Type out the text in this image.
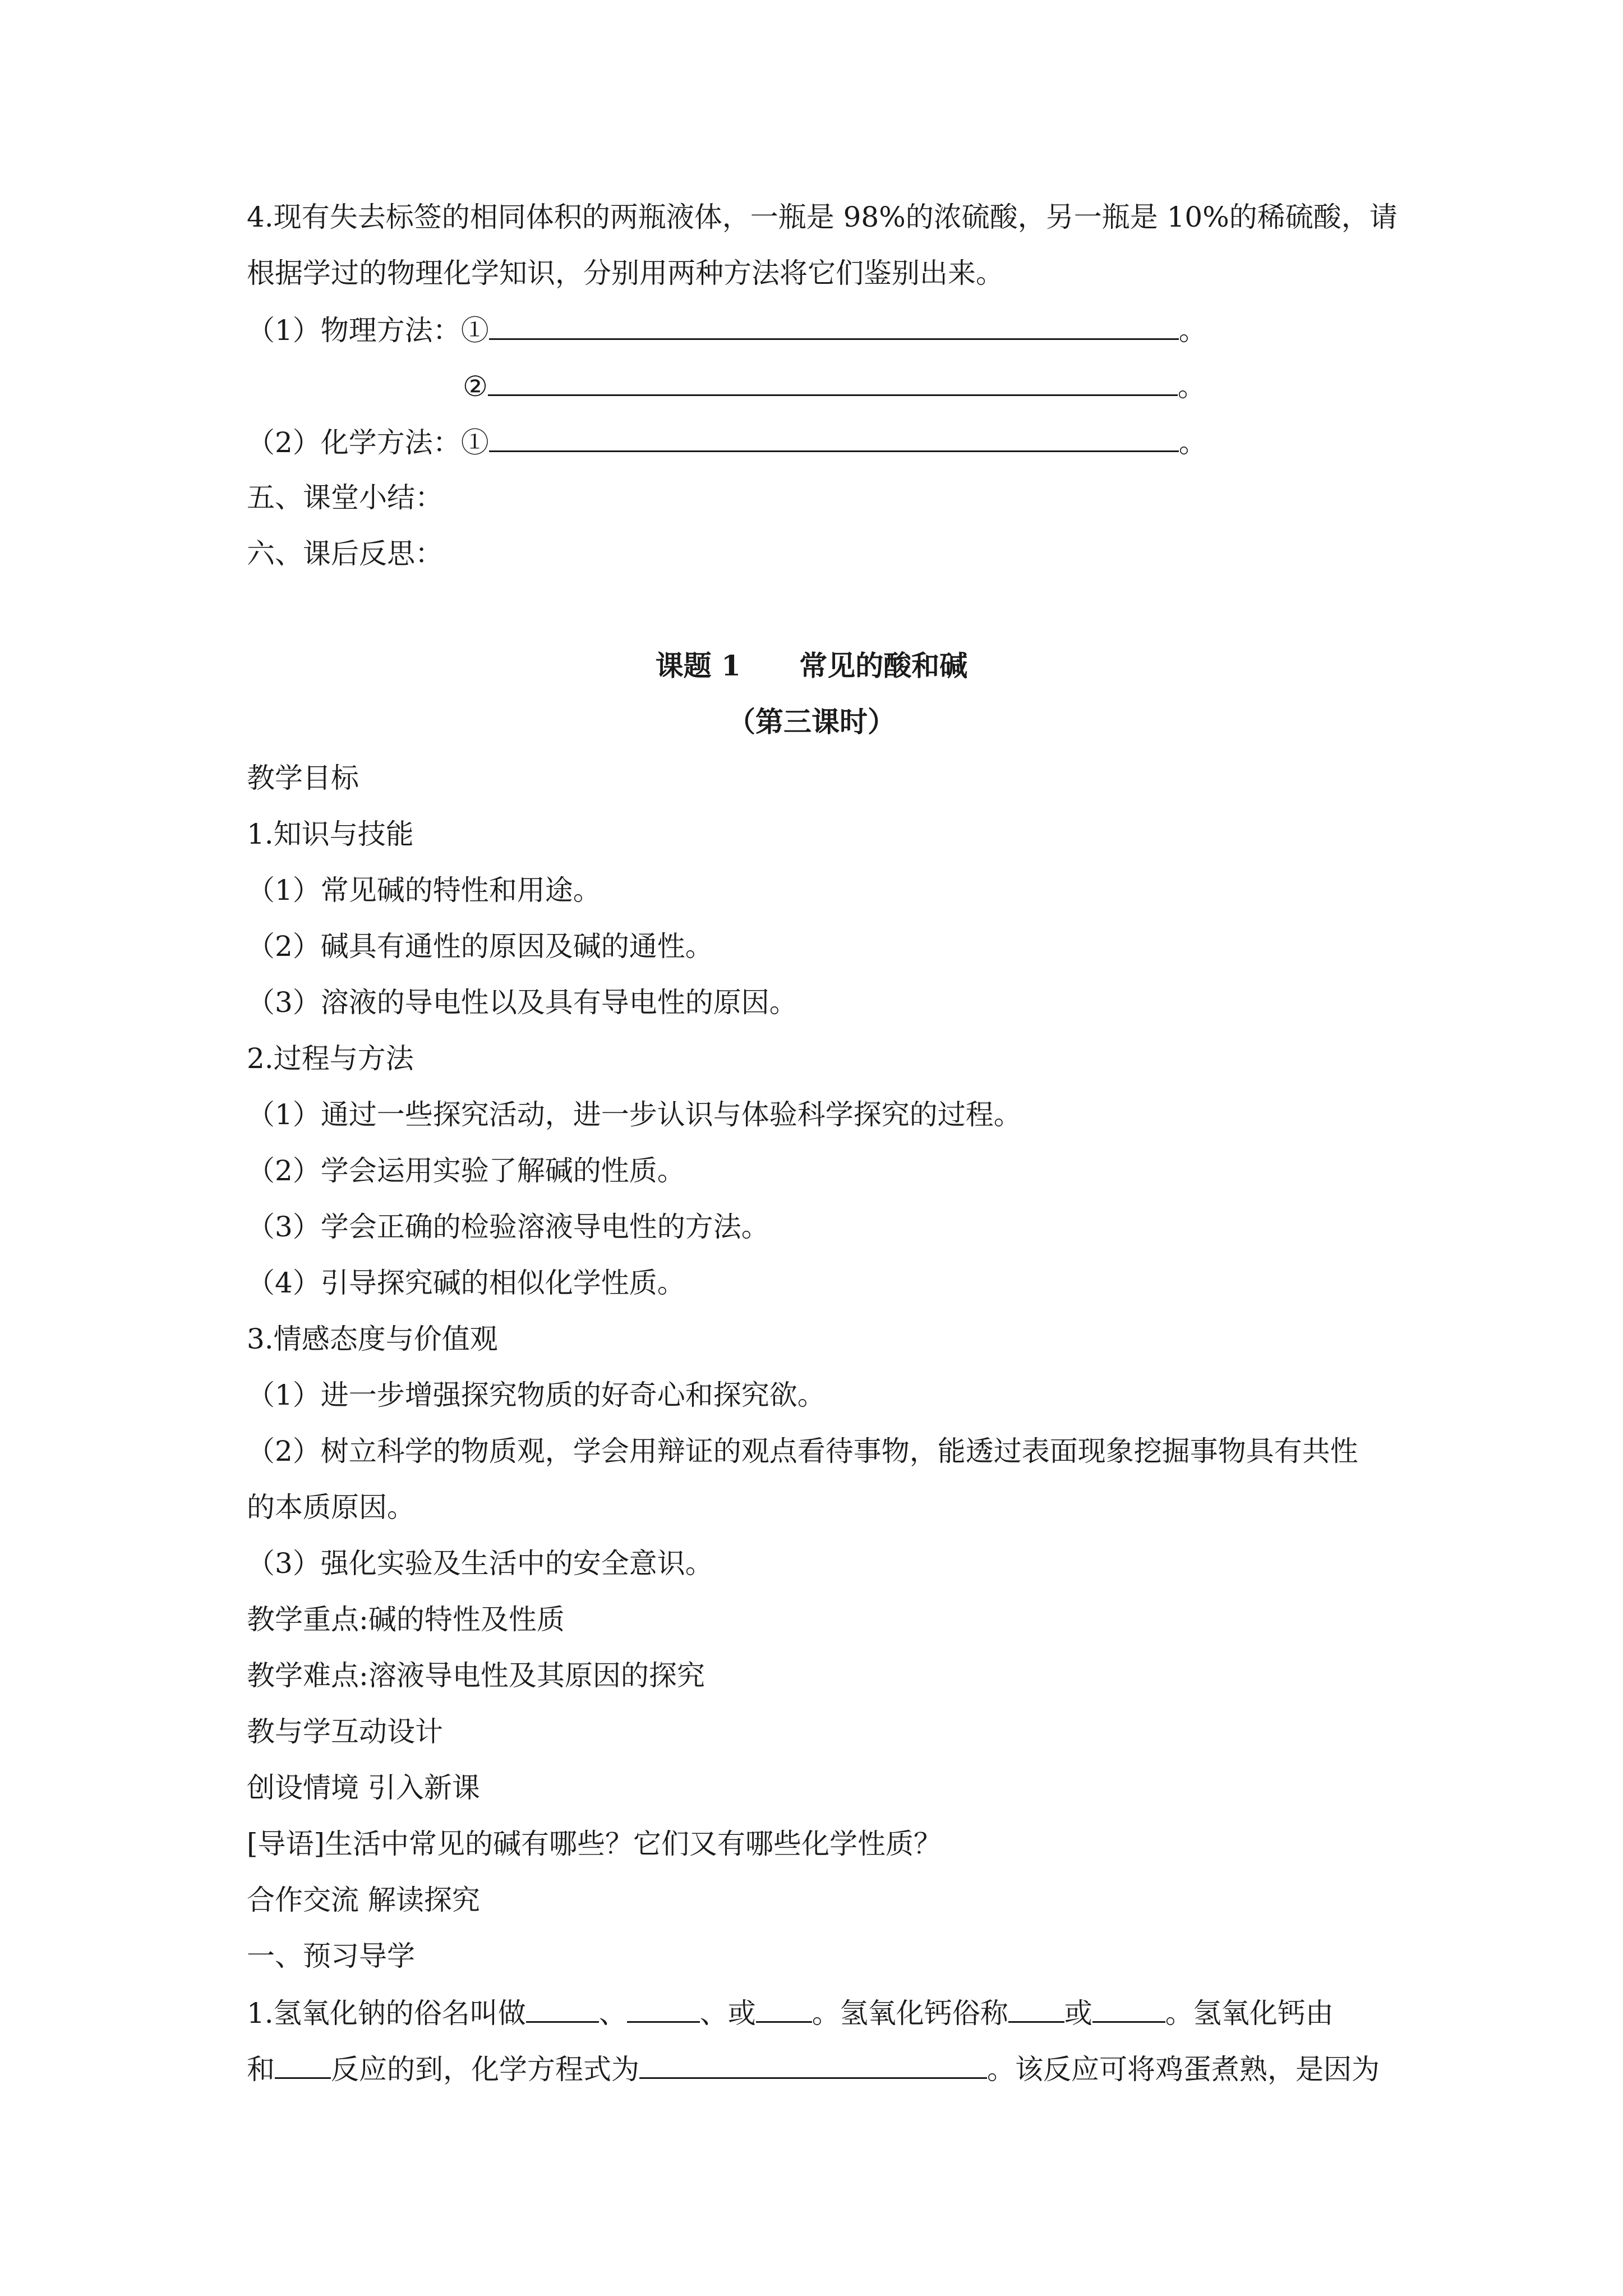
4.现有失去标签的相同体积的两瓶液体，一瓶是 98%的浓硫酸，另一瓶是 10%的稀硫酸，请
根据学过的物理化学知识，分别用两种方法将它们鉴别出来。
（1）物理方法：①	。
②	。
（2）化学方法：①	。
五、课堂小结：
六、课后反思：
课题 1      常见的酸和碱
（第三课时）
教学目标
1.知识与技能
（1）常见碱的特性和用途。
（2）碱具有通性的原因及碱的通性。
（3）溶液的导电性以及具有导电性的原因。
2.过程与方法
（1）通过一些探究活动，进一步认识与体验科学探究的过程。
（2）学会运用实验了解碱的性质。
（3）学会正确的检验溶液导电性的方法。
（4）引导探究碱的相似化学性质。
3.情感态度与价值观
（1）进一步增强探究物质的好奇心和探究欲。
（2）树立科学的物质观，学会用辩证的观点看待事物，能透过表面现象挖掘事物具有共性
的本质原因。
（3）强化实验及生活中的安全意识。
教学重点:碱的特性及性质
教学难点:溶液导电性及其原因的探究
教与学互动设计
创设情境 引入新课
[导语]生活中常见的碱有哪些？它们又有哪些化学性质？
合作交流 解读探究
一、预习导学
1.氢氧化钠的俗名叫做	、	、或 。氢氧化钙俗称 或	。氢氧化钙由
和 反应的到，化学方程式为	。该反应可将鸡蛋煮熟，是因为
